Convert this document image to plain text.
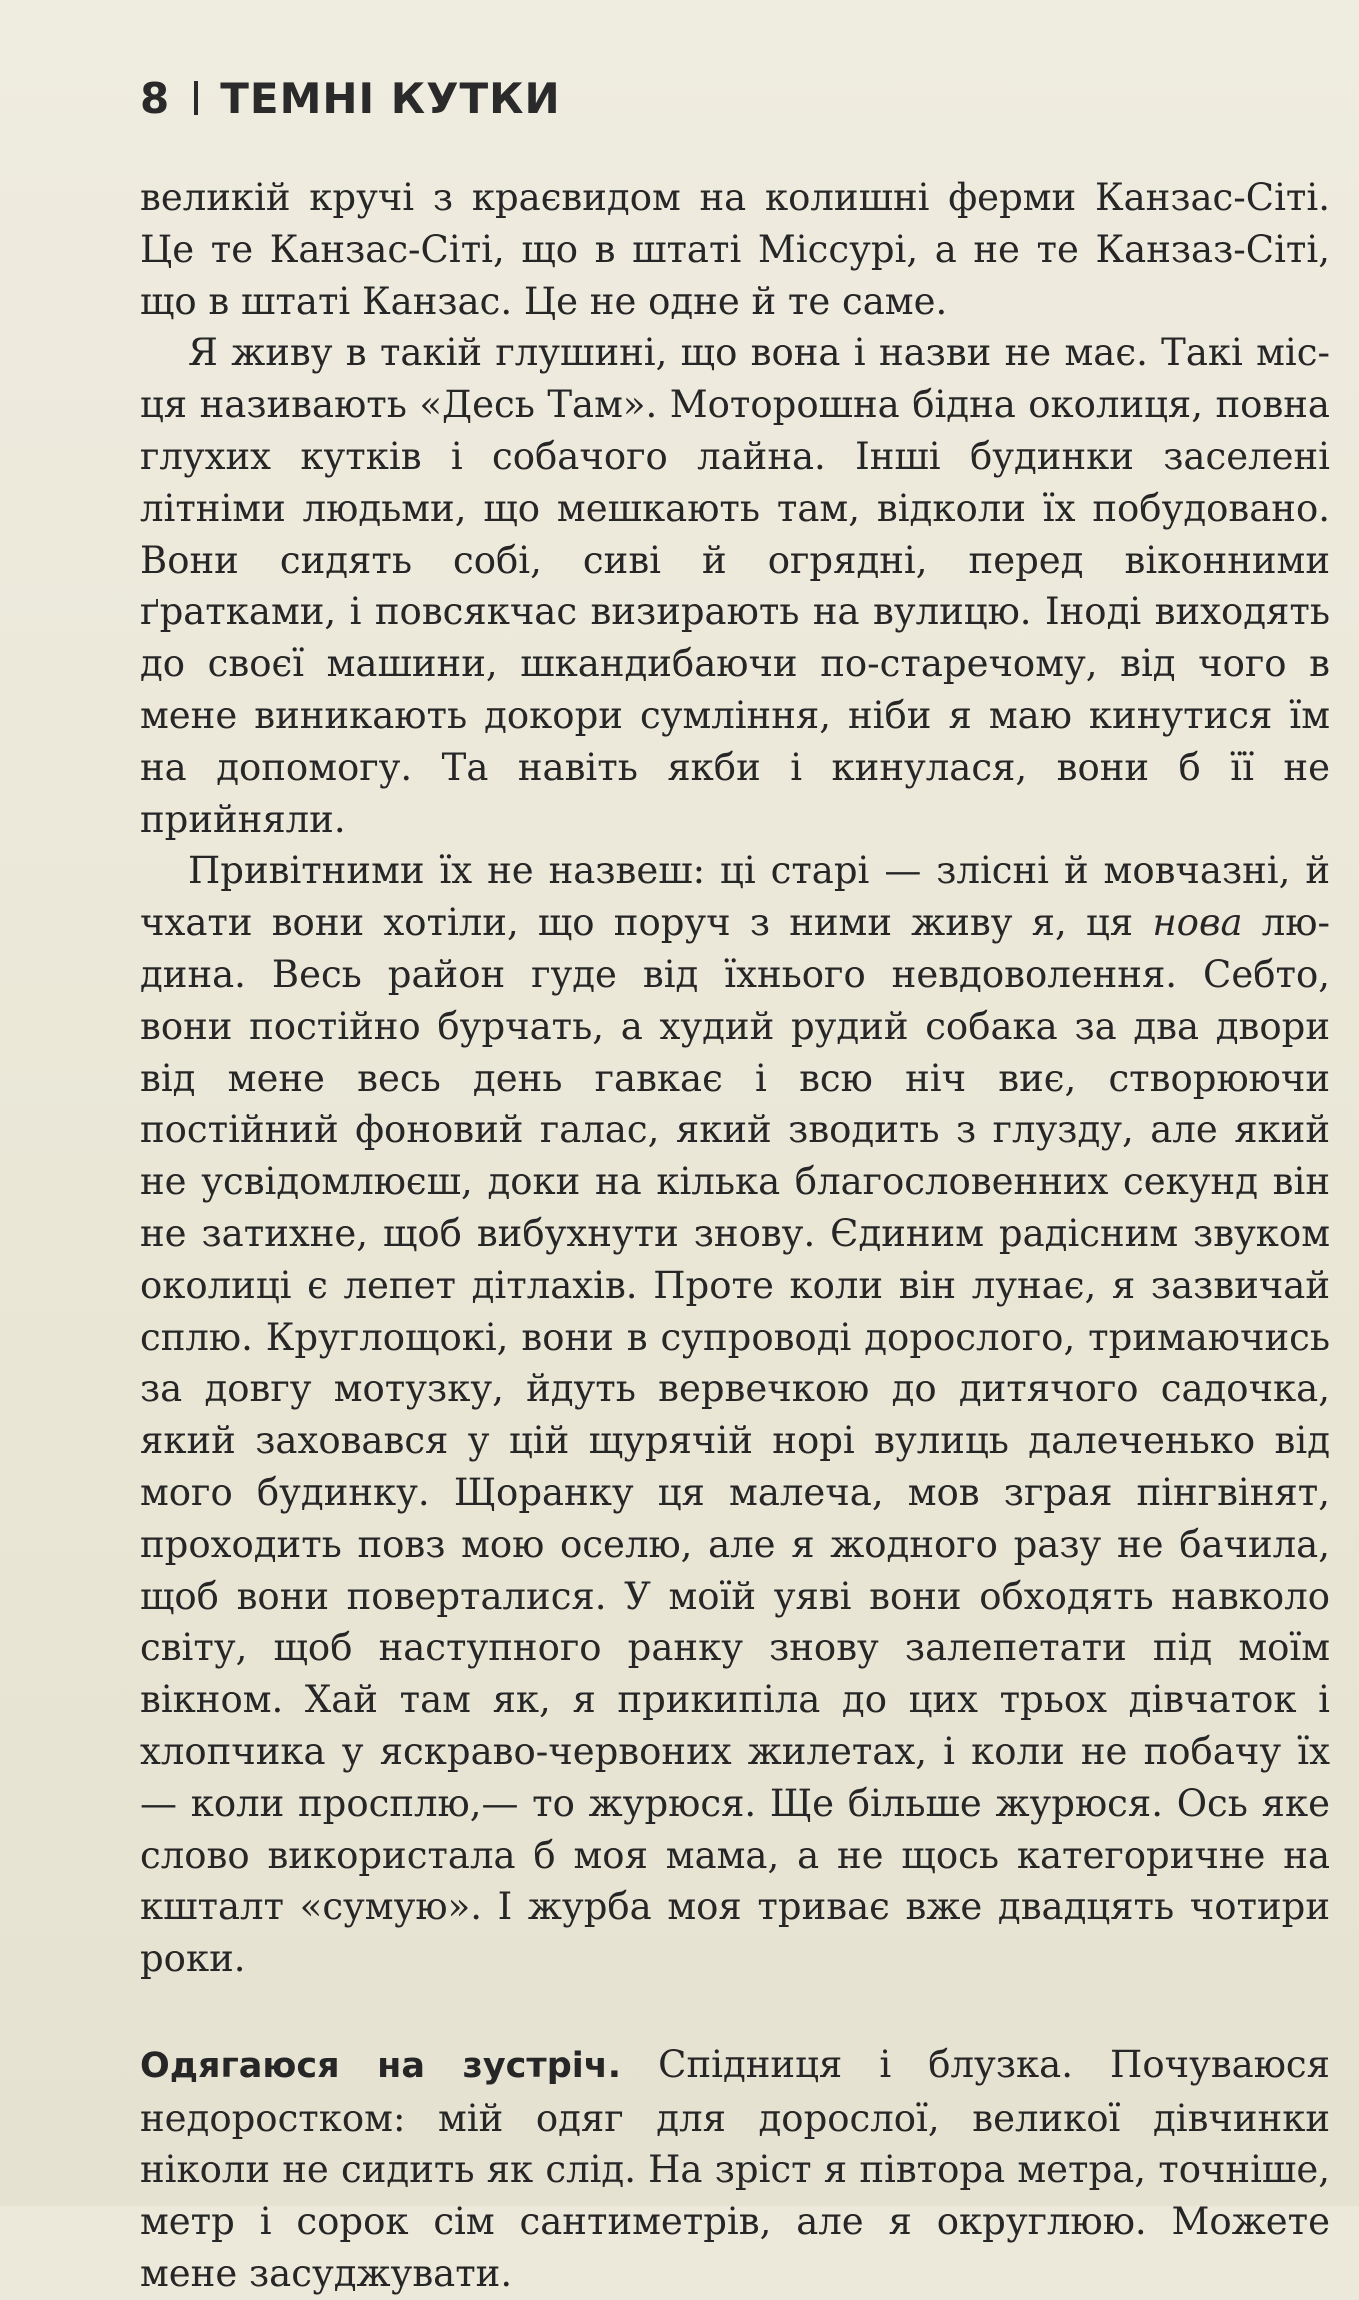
8 ТЕМНІ КУТКИ

великій кручі з краєвидом на колишні ферми Канзас-Сіті. Це те Канзас-Сіті, що в штаті Міссурі, а не те Канзаз-Сіті, що в штаті Канзас. Це не одне й те саме.

Я живу в такій глушині, що вона і назви не має. Такі місця називають «Десь Там». Моторошна бідна околиця, повна глухих кутків і собачого лайна. Інші будинки заселені літніми людьми, що мешкають там, відколи їх побудовано. Вони сидять собі, сиві й огрядні, перед віконними ґратками, і повсякчас визирають на вулицю. Іноді виходять до своєї машини, шкандибаючи по-старечому, від чого в мене виникають докори сумління, ніби я маю кинутися їм на допомогу. Та навіть якби і кинулася, вони б її не прийняли.

Привітними їх не назвеш: ці старі — злісні й мовчазні, й чхати вони хотіли, що поруч з ними живу я, ця нова людина. Весь район гуде від їхнього невдоволення. Себто, вони постійно бурчать, а худий рудий собака за два двори від мене весь день гавкає і всю ніч виє, створюючи постійний фоновий галас, який зводить з глузду, але який не усвідомлюєш, доки на кілька благословенних секунд він не затихне, щоб вибухнути знову. Єдиним радісним звуком околиці є лепет дітлахів. Проте коли він лунає, я зазвичай сплю. Круглощокі, вони в супроводі дорослого, тримаючись за довгу мотузку, йдуть вервечкою до дитячого садочка, який заховався у цій щурячій норі вулиць далеченько від мого будинку. Щоранку ця малеча, мов зграя пінгвінят, проходить повз мою оселю, але я жодного разу не бачила, щоб вони поверталися. У моїй уяві вони обходять навколо світу, щоб наступного ранку знову залепетати під моїм вікном. Хай там як, я прикипіла до цих трьох дівчаток і хлопчика у яскраво-червоних жилетах, і коли не побачу їх — коли просплю,— то журюся. Ще більше журюся. Ось яке слово використала б моя мама, а не щось категоричне на кшталт «сумую». І журба моя триває вже двадцять чотири роки.

Одягаюся на зустріч. Спідниця і блузка. Почуваюся недоростком: мій одяг для дорослої, великої дівчинки ніколи не сидить як слід. На зріст я півтора метра, точніше, метр і сорок сім сантиметрів, але я округлюю. Можете мене засуджувати.
